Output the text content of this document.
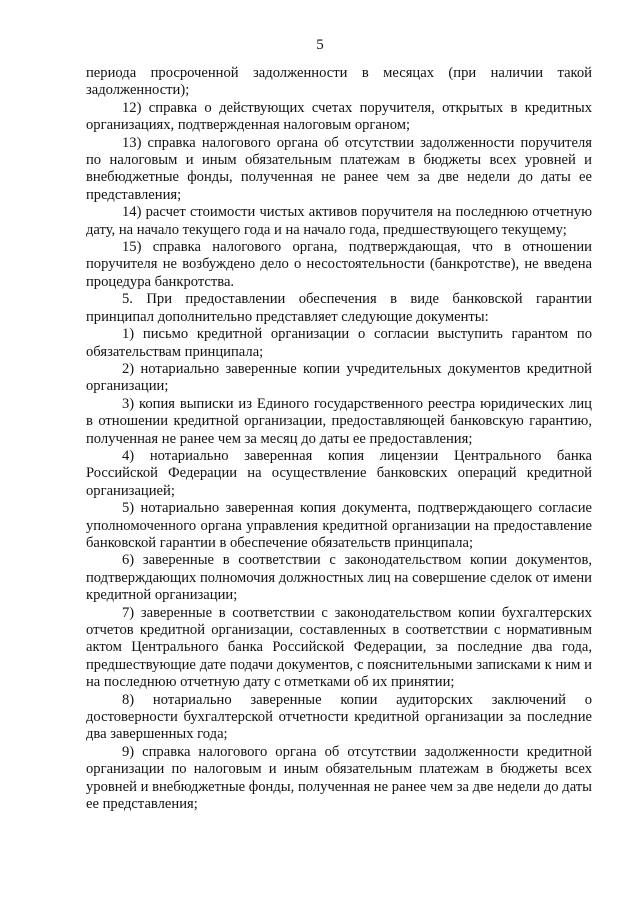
5

периода просроченной задолженности в месяцах (при наличии такой задолженности);

12) справка о действующих счетах поручителя, открытых в кредитных организациях, подтвержденная налоговым органом;

13) справка налогового органа об отсутствии задолженности поручителя по налоговым и иным обязательным платежам в бюджеты всех уровней и внебюджетные фонды, полученная не ранее чем за две недели до даты ее представления;

14) расчет стоимости чистых активов поручителя на последнюю отчетную дату, на начало текущего года и на начало года, предшествующего текущему;

15) справка налогового органа, подтверждающая, что в отношении поручителя не возбуждено дело о несостоятельности (банкротстве), не введена процедура банкротства.

5. При предоставлении обеспечения в виде банковской гарантии принципал дополнительно представляет следующие документы:

1) письмо кредитной организации о согласии выступить гарантом по обязательствам принципала;

2) нотариально заверенные копии учредительных документов кредитной организации;

3) копия выписки из Единого государственного реестра юридических лиц в отношении кредитной организации, предоставляющей банковскую гарантию, полученная не ранее чем за месяц до даты ее предоставления;

4) нотариально заверенная копия лицензии Центрального банка Российской Федерации на осуществление банковских операций кредитной организацией;

5) нотариально заверенная копия документа, подтверждающего согласие уполномоченного органа управления кредитной организации на предоставление банковской гарантии в обеспечение обязательств принципала;

6) заверенные в соответствии с законодательством копии документов, подтверждающих полномочия должностных лиц на совершение сделок от имени кредитной организации;

7) заверенные в соответствии с законодательством копии бухгалтерских отчетов кредитной организации, составленных в соответствии с нормативным актом Центрального банка Российской Федерации, за последние два года, предшествующие дате подачи документов, с пояснительными записками к ним и на последнюю отчетную дату с отметками об их принятии;

8) нотариально заверенные копии аудиторских заключений о достоверности бухгалтерской отчетности кредитной организации за последние два завершенных года;

9) справка налогового органа об отсутствии задолженности кредитной организации по налоговым и иным обязательным платежам в бюджеты всех уровней и внебюджетные фонды, полученная не ранее чем за две недели до даты ее представления;
